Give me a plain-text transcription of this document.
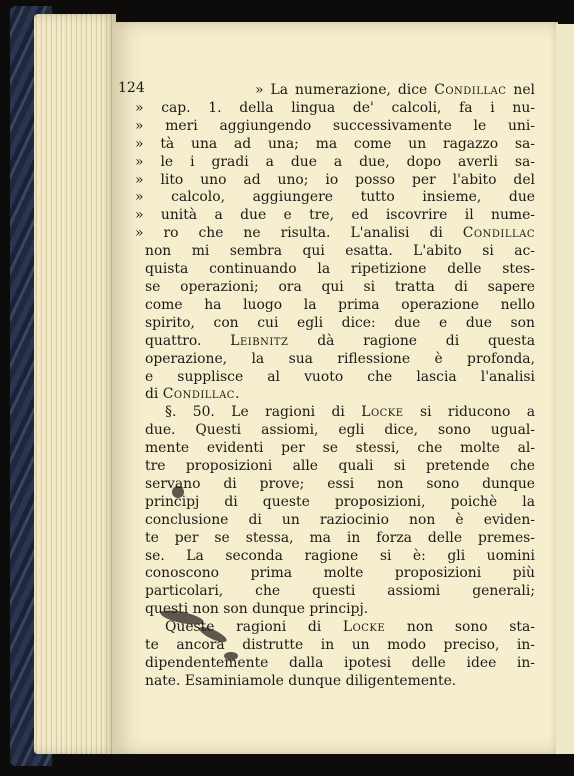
124	» La numerazione, dice Condillac nel
» cap. 1. della lingua de' calcoli, fa i nu-
» meri aggiungendo successivamente le uni-
» tà una ad una; ma come un ragazzo sa-
» le i gradi a due a due, dopo averli sa-
» lito uno ad uno; io posso per l'abito del
» calcolo, aggiungere tutto insieme, due
» unità a due e tre, ed iscovrire il nume-
» ro che ne risulta. L'analisi di Condillac
non mi sembra qui esatta. L'abito si ac-
quista continuando la ripetizione delle stes-
se operazioni; ora qui si tratta di sapere
come ha luogo la prima operazione nello
spirito, con cui egli dice: due e due son
quattro. Leibnitz dà ragione di questa
operazione, la sua riflessione è profonda,
e supplisce al vuoto che lascia l'analisi
di Condillac.
§. 50. Le ragioni di Locke si riducono a
due. Questi assiomi, egli dice, sono ugual-
mente evidenti per se stessi, che molte al-
tre proposizioni alle quali si pretende che
servano di prove; essi non sono dunque
principj di queste proposizioni, poichè la
conclusione di un raziocinio non è eviden-
te per se stessa, ma in forza delle premes-
se. La seconda ragione si è: gli uomini
conoscono prima molte proposizioni più
particolari, che questi assiomi generali;
questi non son dunque principj.
Queste ragioni di Locke non sono sta-
te ancora distrutte in un modo preciso, in-
dipendentemente dalla ipotesi delle idee in-
nate. Esaminiamole dunque diligentemente.
